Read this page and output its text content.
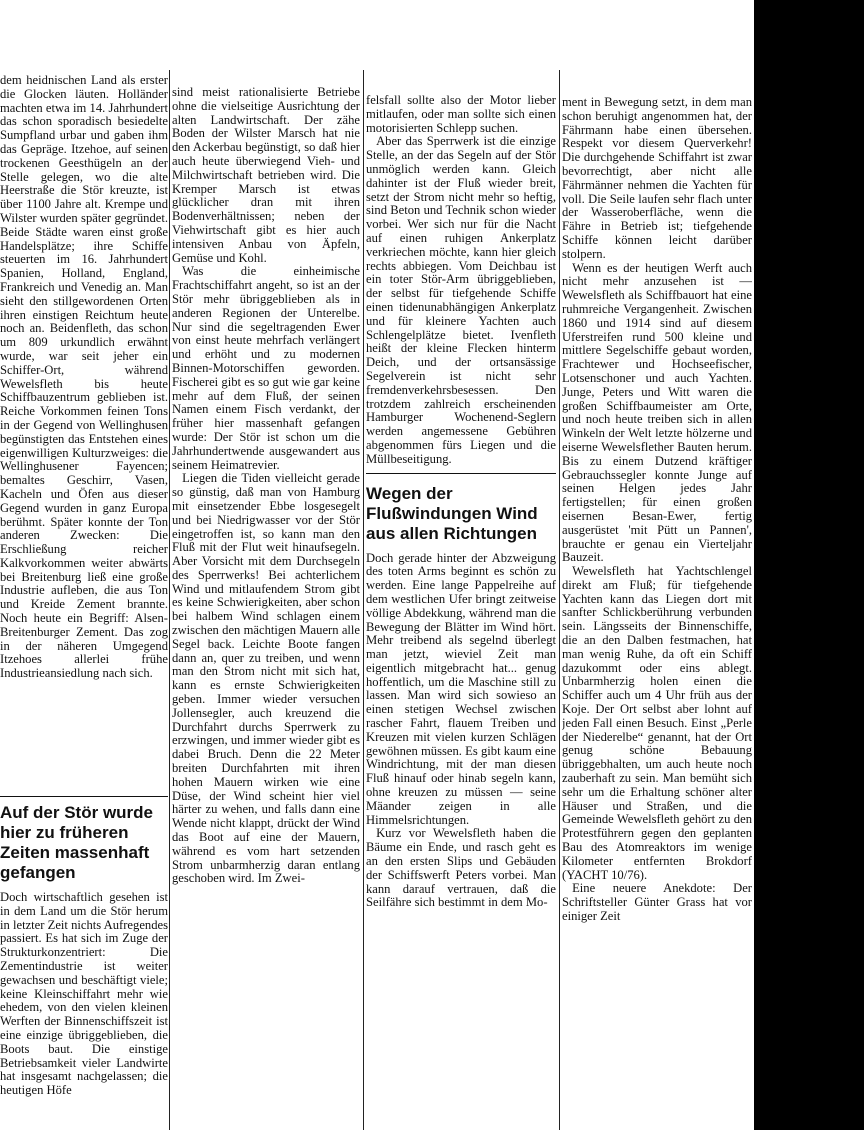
dem heidnischen Land als erster die Glocken läuten. Holländer machten etwa im 14. Jahrhundert das schon sporadisch besiedelte Sumpfland urbar und gaben ihm das Gepräge. Itzehoe, auf seinen trockenen Geesthügeln an der Stelle gelegen, wo die alte Heerstraße die Stör kreuzte, ist über 1100 Jahre alt. Krempe und Wilster wurden später gegründet. Beide Städte waren einst große Handelsplätze; ihre Schiffe steuerten im 16. Jahrhundert Spanien, Holland, England, Frankreich und Venedig an. Man sieht den stillgewordenen Orten ihren einstigen Reichtum heute noch an. Beidenfleth, das schon um 809 urkundlich erwähnt wurde, war seit jeher ein Schiffer-Ort, während Wewelsfleth bis heute Schiffbauzentrum geblieben ist. Reiche Vorkommen feinen Tons in der Gegend von Wellinghusen begünstigten das Entstehen eines eigenwilligen Kulturzweiges: die Wellinghusener Fayencen; bemaltes Geschirr, Vasen, Kacheln und Öfen aus dieser Gegend wurden in ganz Europa berühmt. Später konnte der Ton anderen Zwecken: Die Erschließung reicher Kalkvorkommen weiter abwärts bei Breitenburg ließ eine große Industrie aufleben, die aus Ton und Kreide Zement brannte. Noch heute ein Begriff: Alsen-Breitenburger Zement. Das zog in der näheren Umgegend Itzehoes allerlei frühe Industrieansiedlung nach sich.

Auf der Stör wurde hier zu früheren Zeiten massenhaft gefangen

Doch wirtschaftlich gesehen ist in dem Land um die Stör herum in letzter Zeit nichts Aufregendes passiert. Es hat sich im Zuge der Strukturkonzentriert: Die Zementindustrie ist weiter gewachsen und beschäftigt viele; keine Kleinschiffahrt mehr wie ehedem, von den vielen kleinen Werften der Binnenschiffszeit ist eine einzige übriggeblieben, die Boots baut. Die einstige Betriebsamkeit vieler Landwirte hat insgesamt nachgelassen; die heutigen Höfe

sind meist rationalisierte Betriebe ohne die vielseitige Ausrichtung der alten Landwirtschaft. Der zähe Boden der Wilster Marsch hat nie den Ackerbau begünstigt, so daß hier auch heute überwiegend Vieh- und Milchwirtschaft betrieben wird. Die Kremper Marsch ist etwas glücklicher dran mit ihren Bodenverhältnissen; neben der Viehwirtschaft gibt es hier auch intensiven Anbau von Äpfeln, Gemüse und Kohl.

Was die einheimische Frachtschiffahrt angeht, so ist an der Stör mehr übriggeblieben als in anderen Regionen der Unterelbe. Nur sind die segeltragenden Ewer von einst heute mehrfach verlängert und erhöht und zu modernen Binnen-Motorschiffen geworden. Fischerei gibt es so gut wie gar keine mehr auf dem Fluß, der seinen Namen einem Fisch verdankt, der früher hier massenhaft gefangen wurde: Der Stör ist schon um die Jahrhundertwende ausgewandert aus seinem Heimatrevier.

Liegen die Tiden vielleicht gerade so günstig, daß man von Hamburg mit einsetzender Ebbe losgesegelt und bei Niedrigwasser vor der Stör eingetroffen ist, so kann man den Fluß mit der Flut weit hinaufsegeln. Aber Vorsicht mit dem Durchsegeln des Sperrwerks! Bei achterlichem Wind und mitlaufendem Strom gibt es keine Schwierigkeiten, aber schon bei halbem Wind schlagen einem zwischen den mächtigen Mauern alle Segel back. Leichte Boote fangen dann an, quer zu treiben, und wenn man den Strom nicht mit sich hat, kann es ernste Schwierigkeiten geben. Immer wieder versuchen Jollensegler, auch kreuzend die Durchfahrt durchs Sperrwerk zu erzwingen, und immer wieder gibt es dabei Bruch. Denn die 22 Meter breiten Durchfahrten mit ihren hohen Mauern wirken wie eine Düse, der Wind scheint hier viel härter zu wehen, und falls dann eine Wende nicht klappt, drückt der Wind das Boot auf eine der Mauern, während es vom hart setzenden Strom unbarmherzig daran entlang geschoben wird. Im Zwei-

felsfall sollte also der Motor lieber mitlaufen, oder man sollte sich einen motorisierten Schlepp suchen.

Aber das Sperrwerk ist die einzige Stelle, an der das Segeln auf der Stör unmöglich werden kann. Gleich dahinter ist der Fluß wieder breit, setzt der Strom nicht mehr so heftig, sind Beton und Technik schon wieder vorbei. Wer sich nur für die Nacht auf einen ruhigen Ankerplatz verkriechen möchte, kann hier gleich rechts abbiegen. Vom Deichbau ist ein toter Stör-Arm übriggeblieben, der selbst für tiefgehende Schiffe einen tidenunabhängigen Ankerplatz und für kleinere Yachten auch Schlengelplätze bietet. Ivenfleth heißt der kleine Flecken hinterm Deich, und der ortsansässige Segelverein ist nicht sehr fremdenverkehrsbesessen. Den trotzdem zahlreich erscheinenden Hamburger Wochenend-Seglern werden angemessene Gebühren abgenommen fürs Liegen und die Müllbeseitigung.

Wegen der Flußwindungen Wind aus allen Richtungen

Doch gerade hinter der Abzweigung des toten Arms beginnt es schön zu werden. Eine lange Pappelreihe auf dem westlichen Ufer bringt zeitweise völlige Abdekkung, während man die Bewegung der Blätter im Wind hört. Mehr treibend als segelnd überlegt man jetzt, wieviel Zeit man eigentlich mitgebracht hat... genug hoffentlich, um die Maschine still zu lassen. Man wird sich sowieso an einen stetigen Wechsel zwischen rascher Fahrt, flauem Treiben und Kreuzen mit vielen kurzen Schlägen gewöhnen müssen. Es gibt kaum eine Windrichtung, mit der man diesen Fluß hinauf oder hinab segeln kann, ohne kreuzen zu müssen — seine Mäander zeigen in alle Himmelsrichtungen.

Kurz vor Wewelsfleth haben die Bäume ein Ende, und rasch geht es an den ersten Slips und Gebäuden der Schiffswerft Peters vorbei. Man kann darauf vertrauen, daß die Seilfähre sich bestimmt in dem Mo-

ment in Bewegung setzt, in dem man schon beruhigt angenommen hat, der Fährmann habe einen übersehen. Respekt vor diesem Querverkehr! Die durchgehende Schiffahrt ist zwar bevorrechtigt, aber nicht alle Fährmänner nehmen die Yachten für voll. Die Seile laufen sehr flach unter der Wasseroberfläche, wenn die Fähre in Betrieb ist; tiefgehende Schiffe können leicht darüber stolpern.

Wenn es der heutigen Werft auch nicht mehr anzusehen ist — Wewelsfleth als Schiffbauort hat eine ruhmreiche Vergangenheit. Zwischen 1860 und 1914 sind auf diesem Uferstreifen rund 500 kleine und mittlere Segelschiffe gebaut worden, Frachtewer und Hochseefischer, Lotsenschoner und auch Yachten. Junge, Peters und Witt waren die großen Schiffbaumeister am Orte, und noch heute treiben sich in allen Winkeln der Welt letzte hölzerne und eiserne Wewelsflether Bauten herum. Bis zu einem Dutzend kräftiger Gebrauchssegler konnte Junge auf seinen Helgen jedes Jahr fertigstellen; für einen großen eisernen Besan-Ewer, fertig ausgerüstet 'mit Pütt un Pannen', brauchte er genau ein Vierteljahr Bauzeit.

Wewelsfleth hat Yachtschlengel direkt am Fluß; für tiefgehende Yachten kann das Liegen dort mit sanfter Schlickberührung verbunden sein. Längsseits der Binnenschiffe, die an den Dalben festmachen, hat man wenig Ruhe, da oft ein Schiff dazukommt oder eins ablegt. Unbarmherzig holen einen die Schiffer auch um 4 Uhr früh aus der Koje. Der Ort selbst aber lohnt auf jeden Fall einen Besuch. Einst „Perle der Niederelbe“ genannt, hat der Ort genug schöne Bebauung übriggebhalten, um auch heute noch zauberhaft zu sein. Man bemüht sich sehr um die Erhaltung schöner alter Häuser und Straßen, und die Gemeinde Wewelsfleth gehört zu den Protestführern gegen den geplanten Bau des Atomreaktors im wenige Kilometer entfernten Brokdorf (YACHT 10/76).

Eine neuere Anekdote: Der Schriftsteller Günter Grass hat vor einiger Zeit
